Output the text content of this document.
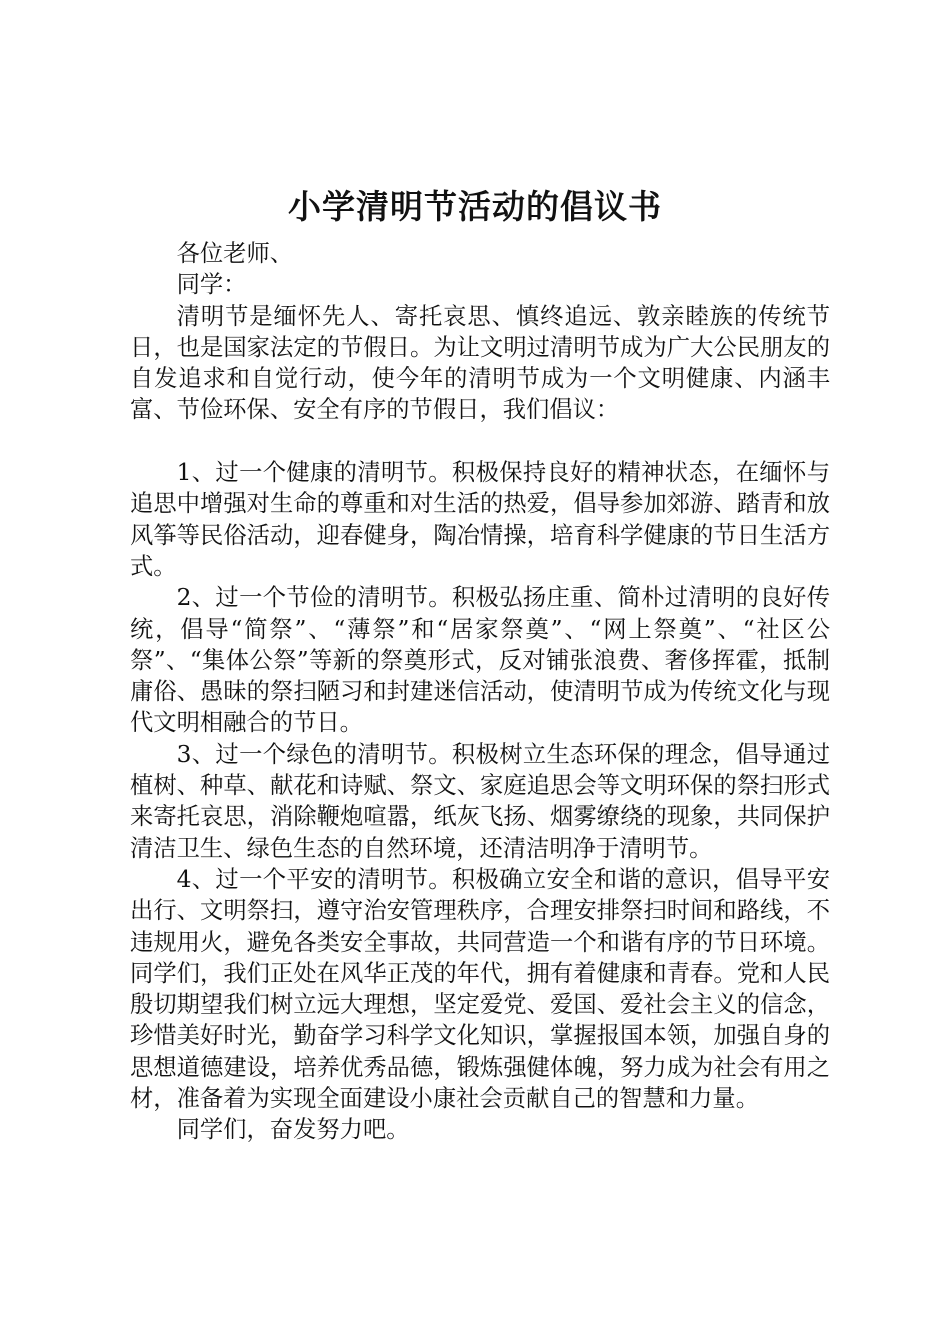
小学清明节活动的倡议书

各位老师、

同学：

清明节是缅怀先人、寄托哀思、慎终追远、敦亲睦族的传统节日，也是国家法定的节假日。为让文明过清明节成为广大公民朋友的自发追求和自觉行动，使今年的清明节成为一个文明健康、内涵丰富、节俭环保、安全有序的节假日，我们倡议：

1、过一个健康的清明节。积极保持良好的精神状态，在缅怀与追思中增强对生命的尊重和对生活的热爱，倡导参加郊游、踏青和放风筝等民俗活动，迎春健身，陶冶情操，培育科学健康的节日生活方式。

2、过一个节俭的清明节。积极弘扬庄重、简朴过清明的良好传统，倡导“简祭”、“薄祭”和“居家祭奠”、“网上祭奠”、“社区公祭”、“集体公祭”等新的祭奠形式，反对铺张浪费、奢侈挥霍，抵制庸俗、愚昧的祭扫陋习和封建迷信活动，使清明节成为传统文化与现代文明相融合的节日。

3、过一个绿色的清明节。积极树立生态环保的理念，倡导通过植树、种草、献花和诗赋、祭文、家庭追思会等文明环保的祭扫形式来寄托哀思，消除鞭炮喧嚣，纸灰飞扬、烟雾缭绕的现象，共同保护清洁卫生、绿色生态的自然环境，还清洁明净于清明节。

4、过一个平安的清明节。积极确立安全和谐的意识，倡导平安出行、文明祭扫，遵守治安管理秩序，合理安排祭扫时间和路线，不违规用火，避免各类安全事故，共同营造一个和谐有序的节日环境。同学们，我们正处在风华正茂的年代，拥有着健康和青春。党和人民殷切期望我们树立远大理想，坚定爱党、爱国、爱社会主义的信念，珍惜美好时光，勤奋学习科学文化知识，掌握报国本领，加强自身的思想道德建设，培养优秀品德，锻炼强健体魄，努力成为社会有用之材，准备着为实现全面建设小康社会贡献自己的智慧和力量。

同学们，奋发努力吧。
